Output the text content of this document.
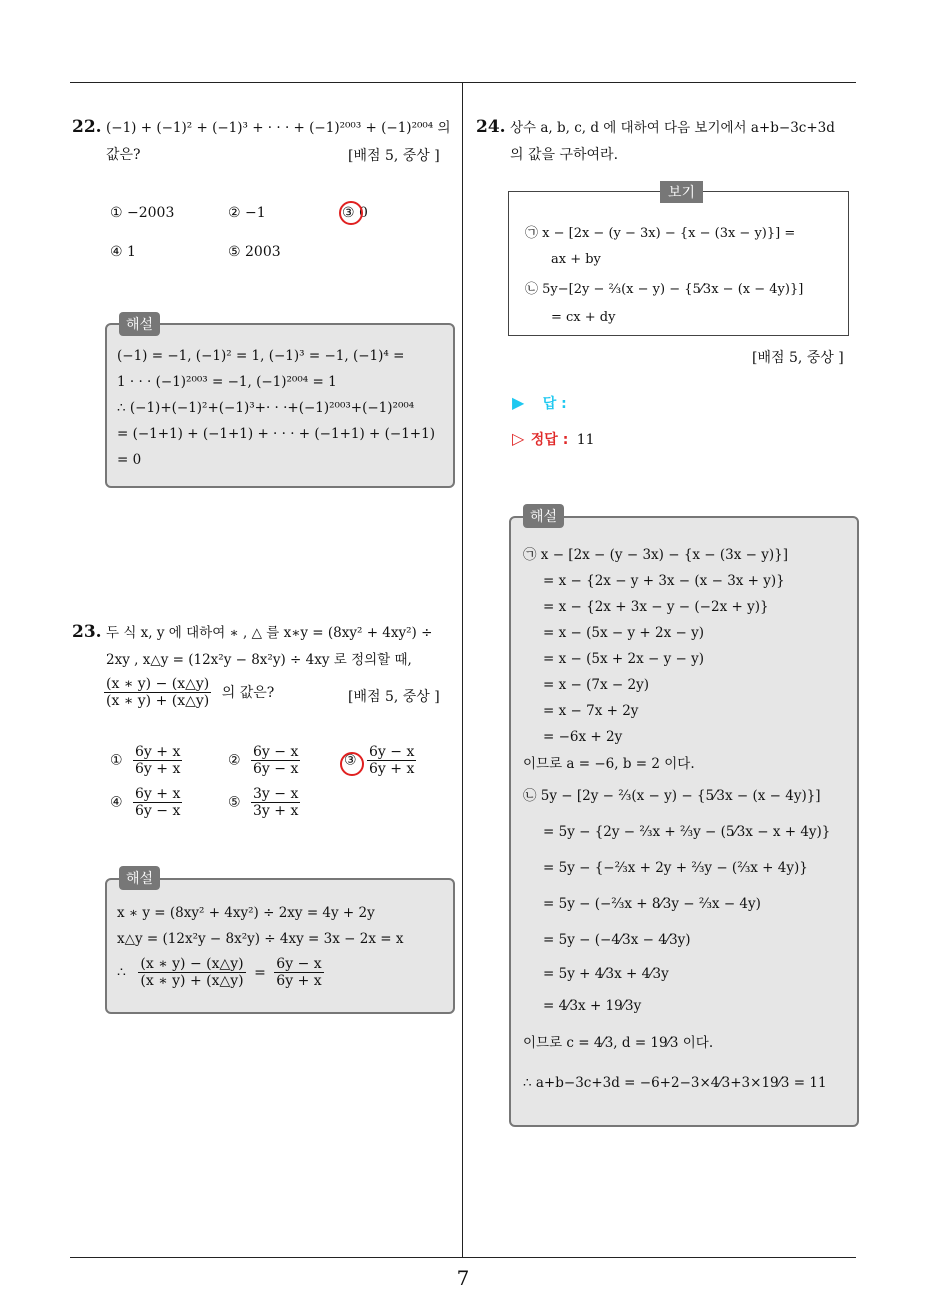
22. (−1) + (−1)² + (−1)³ + · · · + (−1)²⁰⁰³ + (−1)²⁰⁰⁴ 의
값은?	[배점 5, 중상 ]
① −2003	② −1	③ 0
④ 1	⑤ 2003
(−1) = −1, (−1)² = 1, (−1)³ = −1, (−1)⁴ =
1 · · · (−1)²⁰⁰³ = −1, (−1)²⁰⁰⁴ = 1
∴ (−1)+(−1)²+(−1)³+· · ·+(−1)²⁰⁰³+(−1)²⁰⁰⁴
= (−1+1) + (−1+1) + · · · + (−1+1) + (−1+1)
= 0
해설
23. 두 식 x, y 에 대하여 ∗ , △ 를 x∗y = (8xy² + 4xy²) ÷
2xy , x△y = (12x²y − 8x²y) ÷ 4xy 로 정의할 때,
$\frac{(x ∗ y) - (x\triangle y)}{(x ∗ y) + (x\triangle y)}$ 의 값은?	[배점 5, 중상 ]
① $\frac{6y + x}{6y + x}$	② $\frac{6y - x}{6y - x}$	③ $\frac{6y - x}{6y + x}$
④ $\frac{6y + x}{6y - x}$	⑤ $\frac{3y - x}{3y + x}$
x ∗ y = (8xy² + 4xy²) ÷ 2xy = 4y + 2y
x△y = (12x²y − 8x²y) ÷ 4xy = 3x − 2x = x
∴ $\frac{(x ∗ y) - (x\triangle y)}{(x ∗ y) + (x\triangle y)} = \frac{6y - x}{6y + x}$
해설
24. 상수 a, b, c, d 에 대하여 다음 보기에서 a+b−3c+3d
의 값을 구하여라.
㉠ x − [2x − (y − 3x) − {x − (3x − y)}] =
ax + by
㉡ 5y−[2y − ⅔(x − y) − {5⁄3x − (x − 4y)}]
= cx + dy
보기
[배점 5, 중상 ]
▶ 답 :
▷ 정답 : 11
㉠ x − [2x − (y − 3x) − {x − (3x − y)}]
= x − {2x − y + 3x − (x − 3x + y)}
= x − {2x + 3x − y − (−2x + y)}
= x − (5x − y + 2x − y)
= x − (5x + 2x − y − y)
= x − (7x − 2y)
= x − 7x + 2y
= −6x + 2y
이므로 a = −6, b = 2 이다.
㉡ 5y − [2y − ⅔(x − y) − {5⁄3x − (x − 4y)}]
= 5y − {2y − ⅔x + ⅔y − (5⁄3x − x + 4y)}
= 5y − {−⅔x + 2y + ⅔y − (⅔x + 4y)}
= 5y − (−⅔x + 8⁄3y − ⅔x − 4y)
= 5y − (−4⁄3x − 4⁄3y)
= 5y + 4⁄3x + 4⁄3y
= 4⁄3x + 19⁄3y
이므로 c = 4⁄3, d = 19⁄3 이다.
∴ a+b−3c+3d = −6+2−3×4⁄3+3×19⁄3 = 11
해설
7
